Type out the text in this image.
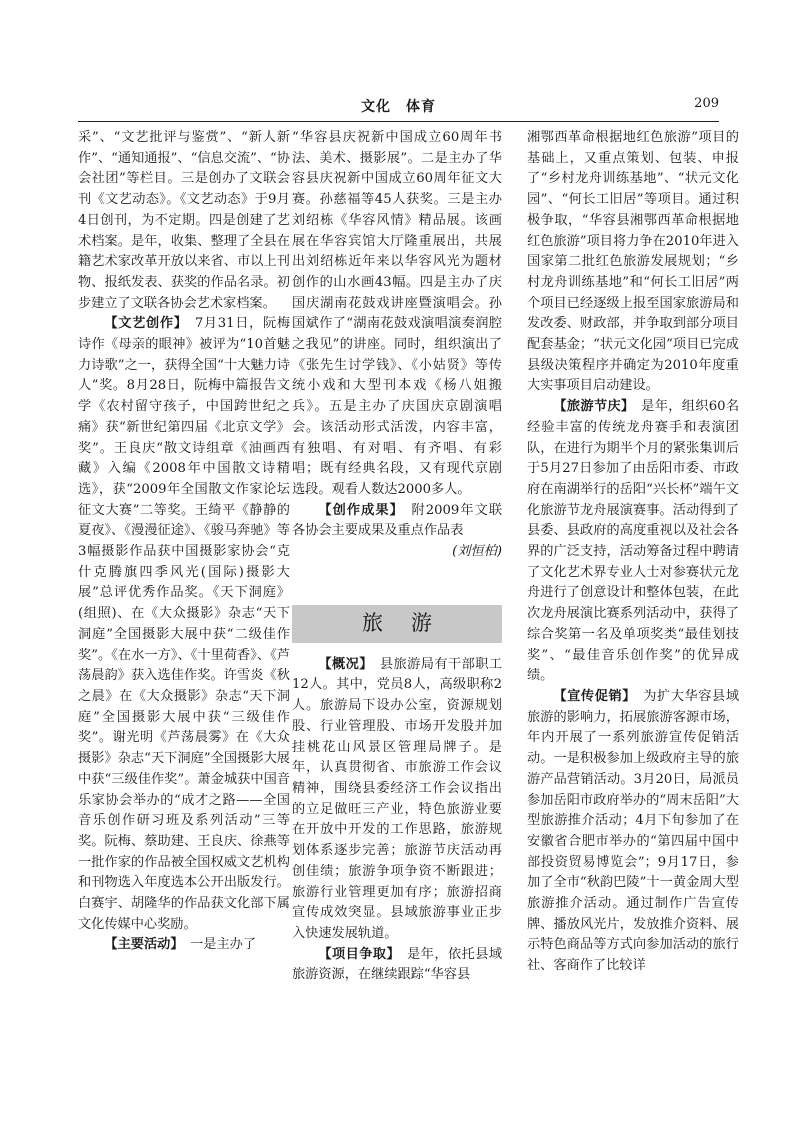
文化　体育	209

采”、“文艺批评与鉴赏”、“新人新作”、“通知通报”、“信息交流”、“协会社团”等栏目。三是创办了文联会刊《文艺动态》。《文艺动态》于9月4日创刊，为不定期。四是创建了艺术档案。是年，收集、整理了全县在籍艺术家改革开放以来省、市以上刊物、报纸发表、获奖的作品名录。初步建立了文联各协会艺术家档案。

【文艺创作】　 7月31日，阮梅诗作《母亲的眼神》被评为“10首魅力诗歌”之一，获得全国“十大魅力诗人”奖。8月28日，阮梅中篇报告文学《农村留守孩子，中国跨世纪之痛》获“新世纪第四届《北京文学》奖”。王良庆“散文诗组章《油画西藏》入编《2008年中国散文诗精选》，获“2009年全国散文作家论坛征文大赛”二等奖。王绮平《静静的夏夜》、《漫漫征途》、《骏马奔驰》等3幅摄影作品获中国摄影家协会“克什克腾旗四季风光(国际)摄影大展”总评优秀作品奖。《天下洞庭》(组照)、在《大众摄影》杂志“天下洞庭”全国摄影大展中获“二级佳作奖”。《在水一方》、《十里荷香》、《芦荡晨韵》获入选佳作奖。许雪炎《秋之晨》在《大众摄影》杂志“天下洞庭”全国摄影大展中获“三级佳作奖”。谢光明《芦荡晨雾》在《大众摄影》杂志“天下洞庭”全国摄影大展中获“三级佳作奖”。萧金城获中国音乐家协会举办的“成才之路——全国音乐创作研习班及系列活动”三等奖。阮梅、蔡助建、王良庆、徐燕等一批作家的作品被全国权威文艺机构和刊物选入年度选本公开出版发行。白赛宇、胡隆华的作品获文化部下属文化传媒中心奖励。

【主要活动】　 一是主办了

“华容县庆祝新中国成立60周年书法、美术、摄影展”。二是主办了华容县庆祝新中国成立60周年征文大赛。孙慈福等45人获奖。三是主办刘绍栋《华容风情》精品展。该画展在华容宾馆大厅隆重展出，共展出刘绍栋近年来以华容风光为题材创作的山水画43幅。四是主办了庆国庆湖南花鼓戏讲座暨演唱会。孙国斌作了“湖南花鼓戏演唱演奏润腔之我见”的讲座。同时，组织演出了《张先生讨学钱》、《小姑贤》等传统小戏和大型刊本戏《杨八姐搬兵》。五是主办了庆国庆京剧演唱会。该活动形式活泼，内容丰富，有独唱、有对唱、有齐唱、有彩唱；既有经典名段，又有现代京剧选段。观看人数达2000多人。

【创作成果】　 附2009年文联各协会主要成果及重点作品表

(刘恒柏)

旅游

【概况】　 县旅游局有干部职工12人。其中，党员8人，高级职称2人。旅游局下设办公室，资源规划股、行业管理股、市场开发股并加挂桃花山风景区管理局牌子。是年，认真贯彻省、市旅游工作会议精神，围绕县委经济工作会议指出的立足做旺三产业，特色旅游业要在开放中开发的工作思路，旅游规划体系逐步完善；旅游节庆活动再创佳绩；旅游争项争资不断跟进；旅游行业管理更加有序；旅游招商宣传成效突显。县域旅游事业正步入快速发展轨道。

【项目争取】　 是年，依托县域旅游资源，在继续跟踪“华容县

湘鄂西革命根据地红色旅游”项目的基础上，又重点策划、包装、申报了“乡村龙舟训练基地”、“状元文化园”、“何长工旧居”等项目。通过积极争取，“华容县湘鄂西革命根据地红色旅游”项目将力争在2010年进入国家第二批红色旅游发展规划；“乡村龙舟训练基地”和“何长工旧居”两个项目已经逐级上报至国家旅游局和发改委、财政部，并争取到部分项目配套基金；“状元文化园”项目已完成县级决策程序并确定为2010年度重大实事项目启动建设。

【旅游节庆】　 是年，组织60名经验丰富的传统龙舟赛手和表演团队，在进行为期半个月的紧张集训后于5月27日参加了由岳阳市委、市政府在南湖举行的岳阳“兴长杯”端午文化旅游节龙舟展演赛事。活动得到了县委、县政府的高度重视以及社会各界的广泛支持，活动筹备过程中聘请了文化艺术界专业人士对参赛状元龙舟进行了创意设计和整体包装，在此次龙舟展演比赛系列活动中，获得了综合奖第一名及单项奖类“最佳划技奖”、“最佳音乐创作奖”的优异成绩。

【宣传促销】　 为扩大华容县域旅游的影响力，拓展旅游客源市场，年内开展了一系列旅游宣传促销活动。一是积极参加上级政府主导的旅游产品营销活动。3月20日，局派员参加岳阳市政府举办的“周末岳阳”大型旅游推介活动；4月下旬参加了在安徽省合肥市举办的“第四届中国中部投资贸易博览会”；9月17日，参加了全市“秋韵巴陵”十一黄金周大型旅游推介活动。通过制作广告宣传牌、播放风光片，发放推介资料、展示特色商品等方式向参加活动的旅行社、客商作了比较详
